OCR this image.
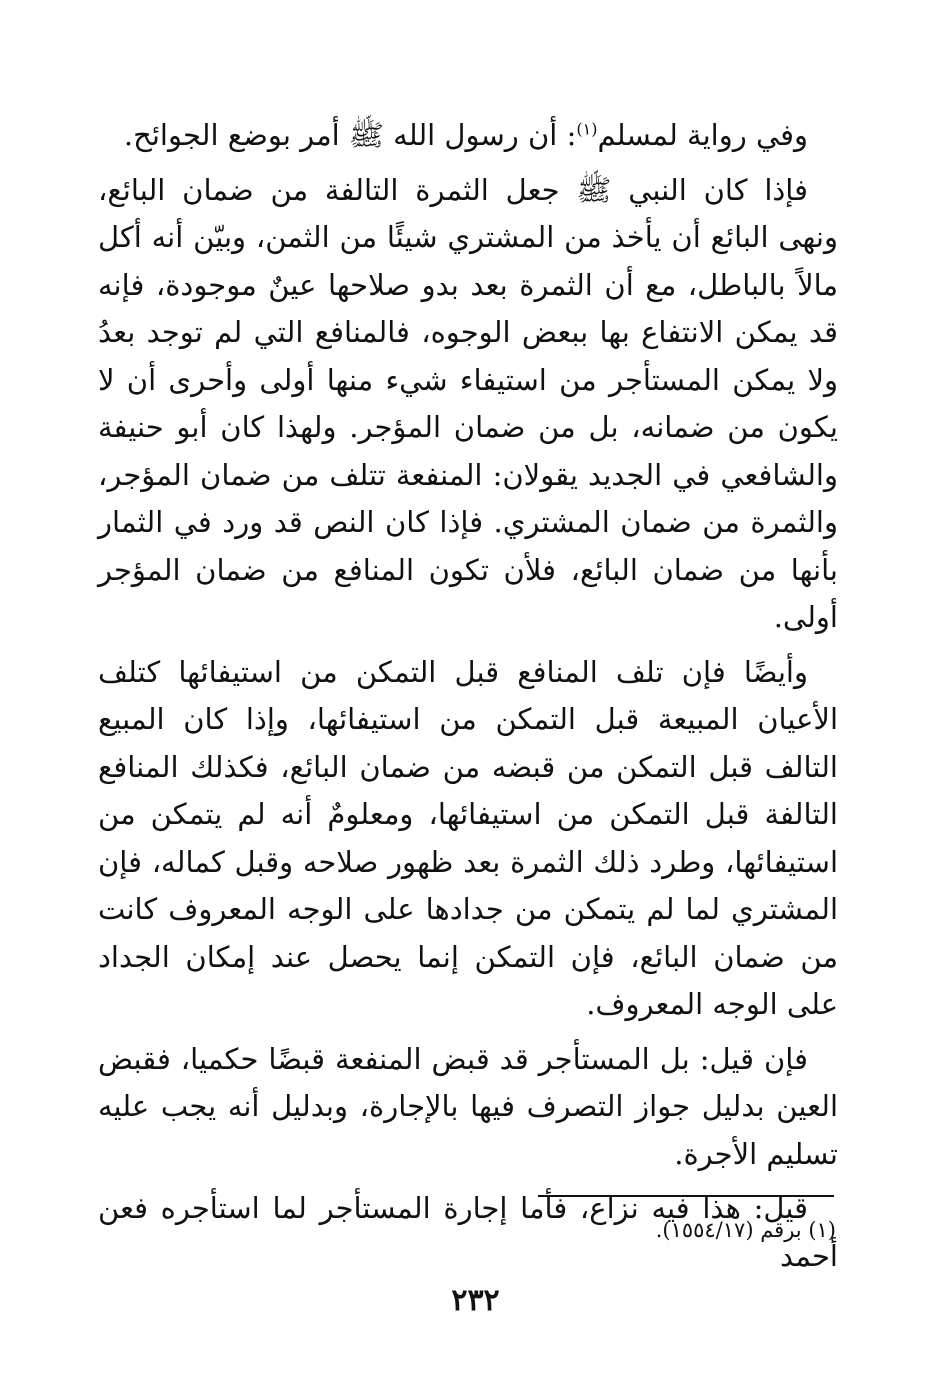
وفي رواية لمسلم$^{(١)}$: أن رسول الله ﷺ أمر بوضع الجوائح.

فإذا كان النبي ﷺ جعل الثمرة التالفة من ضمان البائع، ونهى البائع أن يأخذ من المشتري شيئًا من الثمن، وبيّن أنه أكل مالاً بالباطل، مع أن الثمرة بعد بدو صلاحها عينٌ موجودة، فإنه قد يمكن الانتفاع بها ببعض الوجوه، فالمنافع التي لم توجد بعدُ ولا يمكن المستأجر من استيفاء شيء منها أولى وأحرى أن لا يكون من ضمانه، بل من ضمان المؤجر. ولهذا كان أبو حنيفة والشافعي في الجديد يقولان: المنفعة تتلف من ضمان المؤجر، والثمرة من ضمان المشتري. فإذا كان النص قد ورد في الثمار بأنها من ضمان البائع، فلأن تكون المنافع من ضمان المؤجر أولى.

وأيضًا فإن تلف المنافع قبل التمكن من استيفائها كتلف الأعيان المبيعة قبل التمكن من استيفائها، وإذا كان المبيع التالف قبل التمكن من قبضه من ضمان البائع، فكذلك المنافع التالفة قبل التمكن من استيفائها، ومعلومٌ أنه لم يتمكن من استيفائها، وطرد ذلك الثمرة بعد ظهور صلاحه وقبل كماله، فإن المشتري لما لم يتمكن من جدادها على الوجه المعروف كانت من ضمان البائع، فإن التمكن إنما يحصل عند إمكان الجداد على الوجه المعروف.

فإن قيل: بل المستأجر قد قبض المنفعة قبضًا حكميا، فقبض العين بدليل جواز التصرف فيها بالإجارة، وبدليل أنه يجب عليه تسليم الأجرة.

قيل: هذا فيه نزاع، فأما إجارة المستأجر لما استأجره فعن أحمد

(١) برقم (١٥٥٤/١٧).
٢٣٢
